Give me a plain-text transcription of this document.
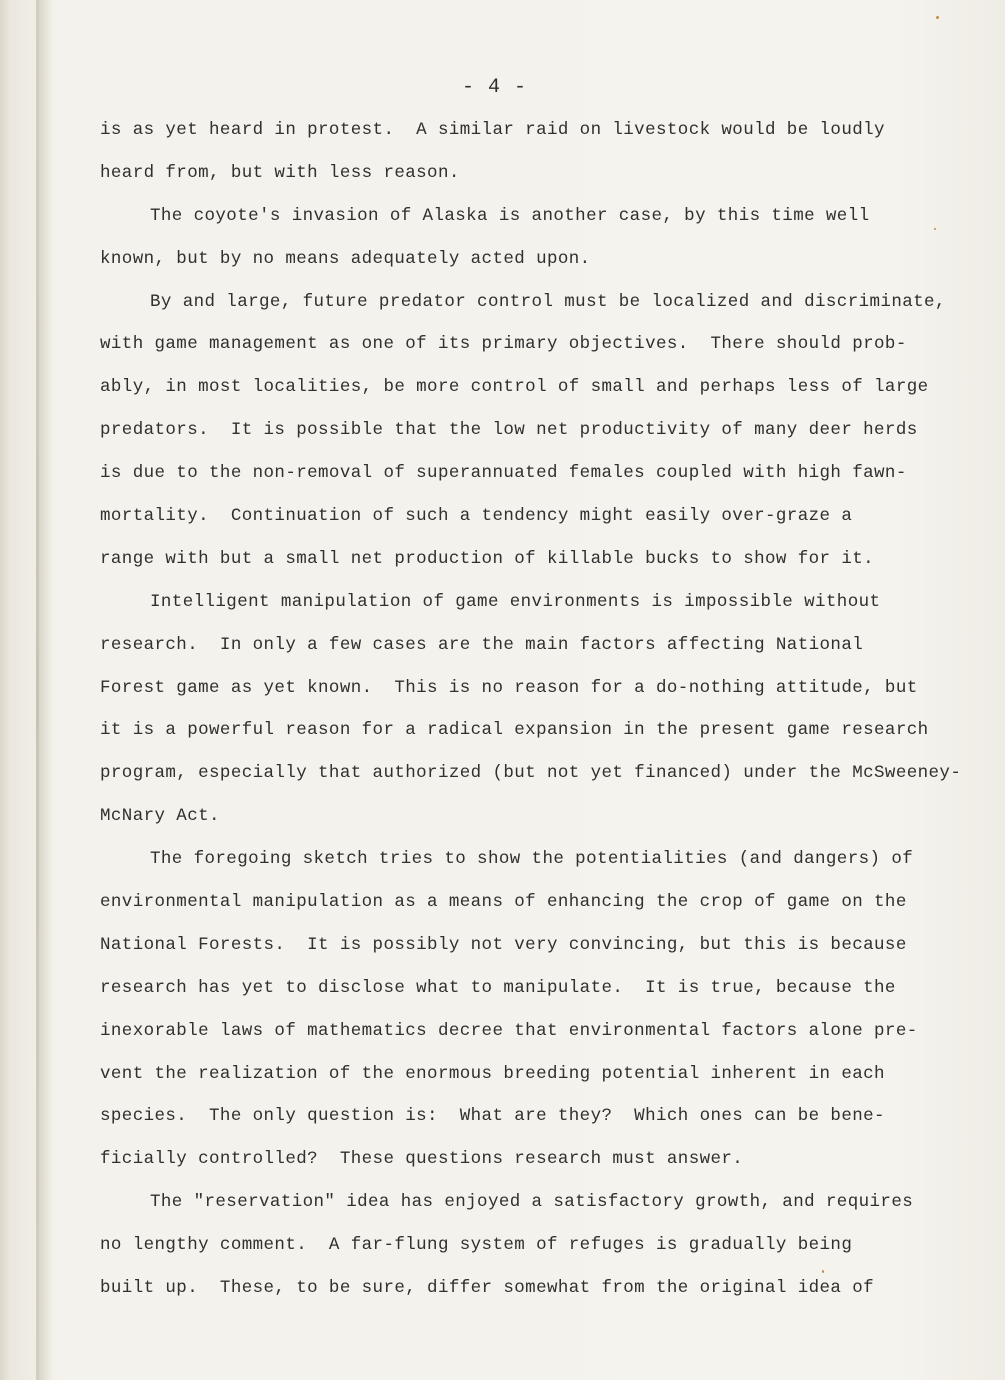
- 4 -
is as yet heard in protest.  A similar raid on livestock would be loudly
heard from, but with less reason.
The coyote's invasion of Alaska is another case, by this time well
known, but by no means adequately acted upon.
By and large, future predator control must be localized and discriminate,
with game management as one of its primary objectives.  There should prob-
ably, in most localities, be more control of small and perhaps less of large
predators.  It is possible that the low net productivity of many deer herds
is due to the non-removal of superannuated females coupled with high fawn-
mortality.  Continuation of such a tendency might easily over-graze a
range with but a small net production of killable bucks to show for it.
Intelligent manipulation of game environments is impossible without
research.  In only a few cases are the main factors affecting National
Forest game as yet known.  This is no reason for a do-nothing attitude, but
it is a powerful reason for a radical expansion in the present game research
program, especially that authorized (but not yet financed) under the McSweeney-
McNary Act.
The foregoing sketch tries to show the potentialities (and dangers) of
environmental manipulation as a means of enhancing the crop of game on the
National Forests.  It is possibly not very convincing, but this is because
research has yet to disclose what to manipulate.  It is true, because the
inexorable laws of mathematics decree that environmental factors alone pre-
vent the realization of the enormous breeding potential inherent in each
species.  The only question is:  What are they?  Which ones can be bene-
ficially controlled?  These questions research must answer.
The "reservation" idea has enjoyed a satisfactory growth, and requires
no lengthy comment.  A far-flung system of refuges is gradually being
built up.  These, to be sure, differ somewhat from the original idea of
